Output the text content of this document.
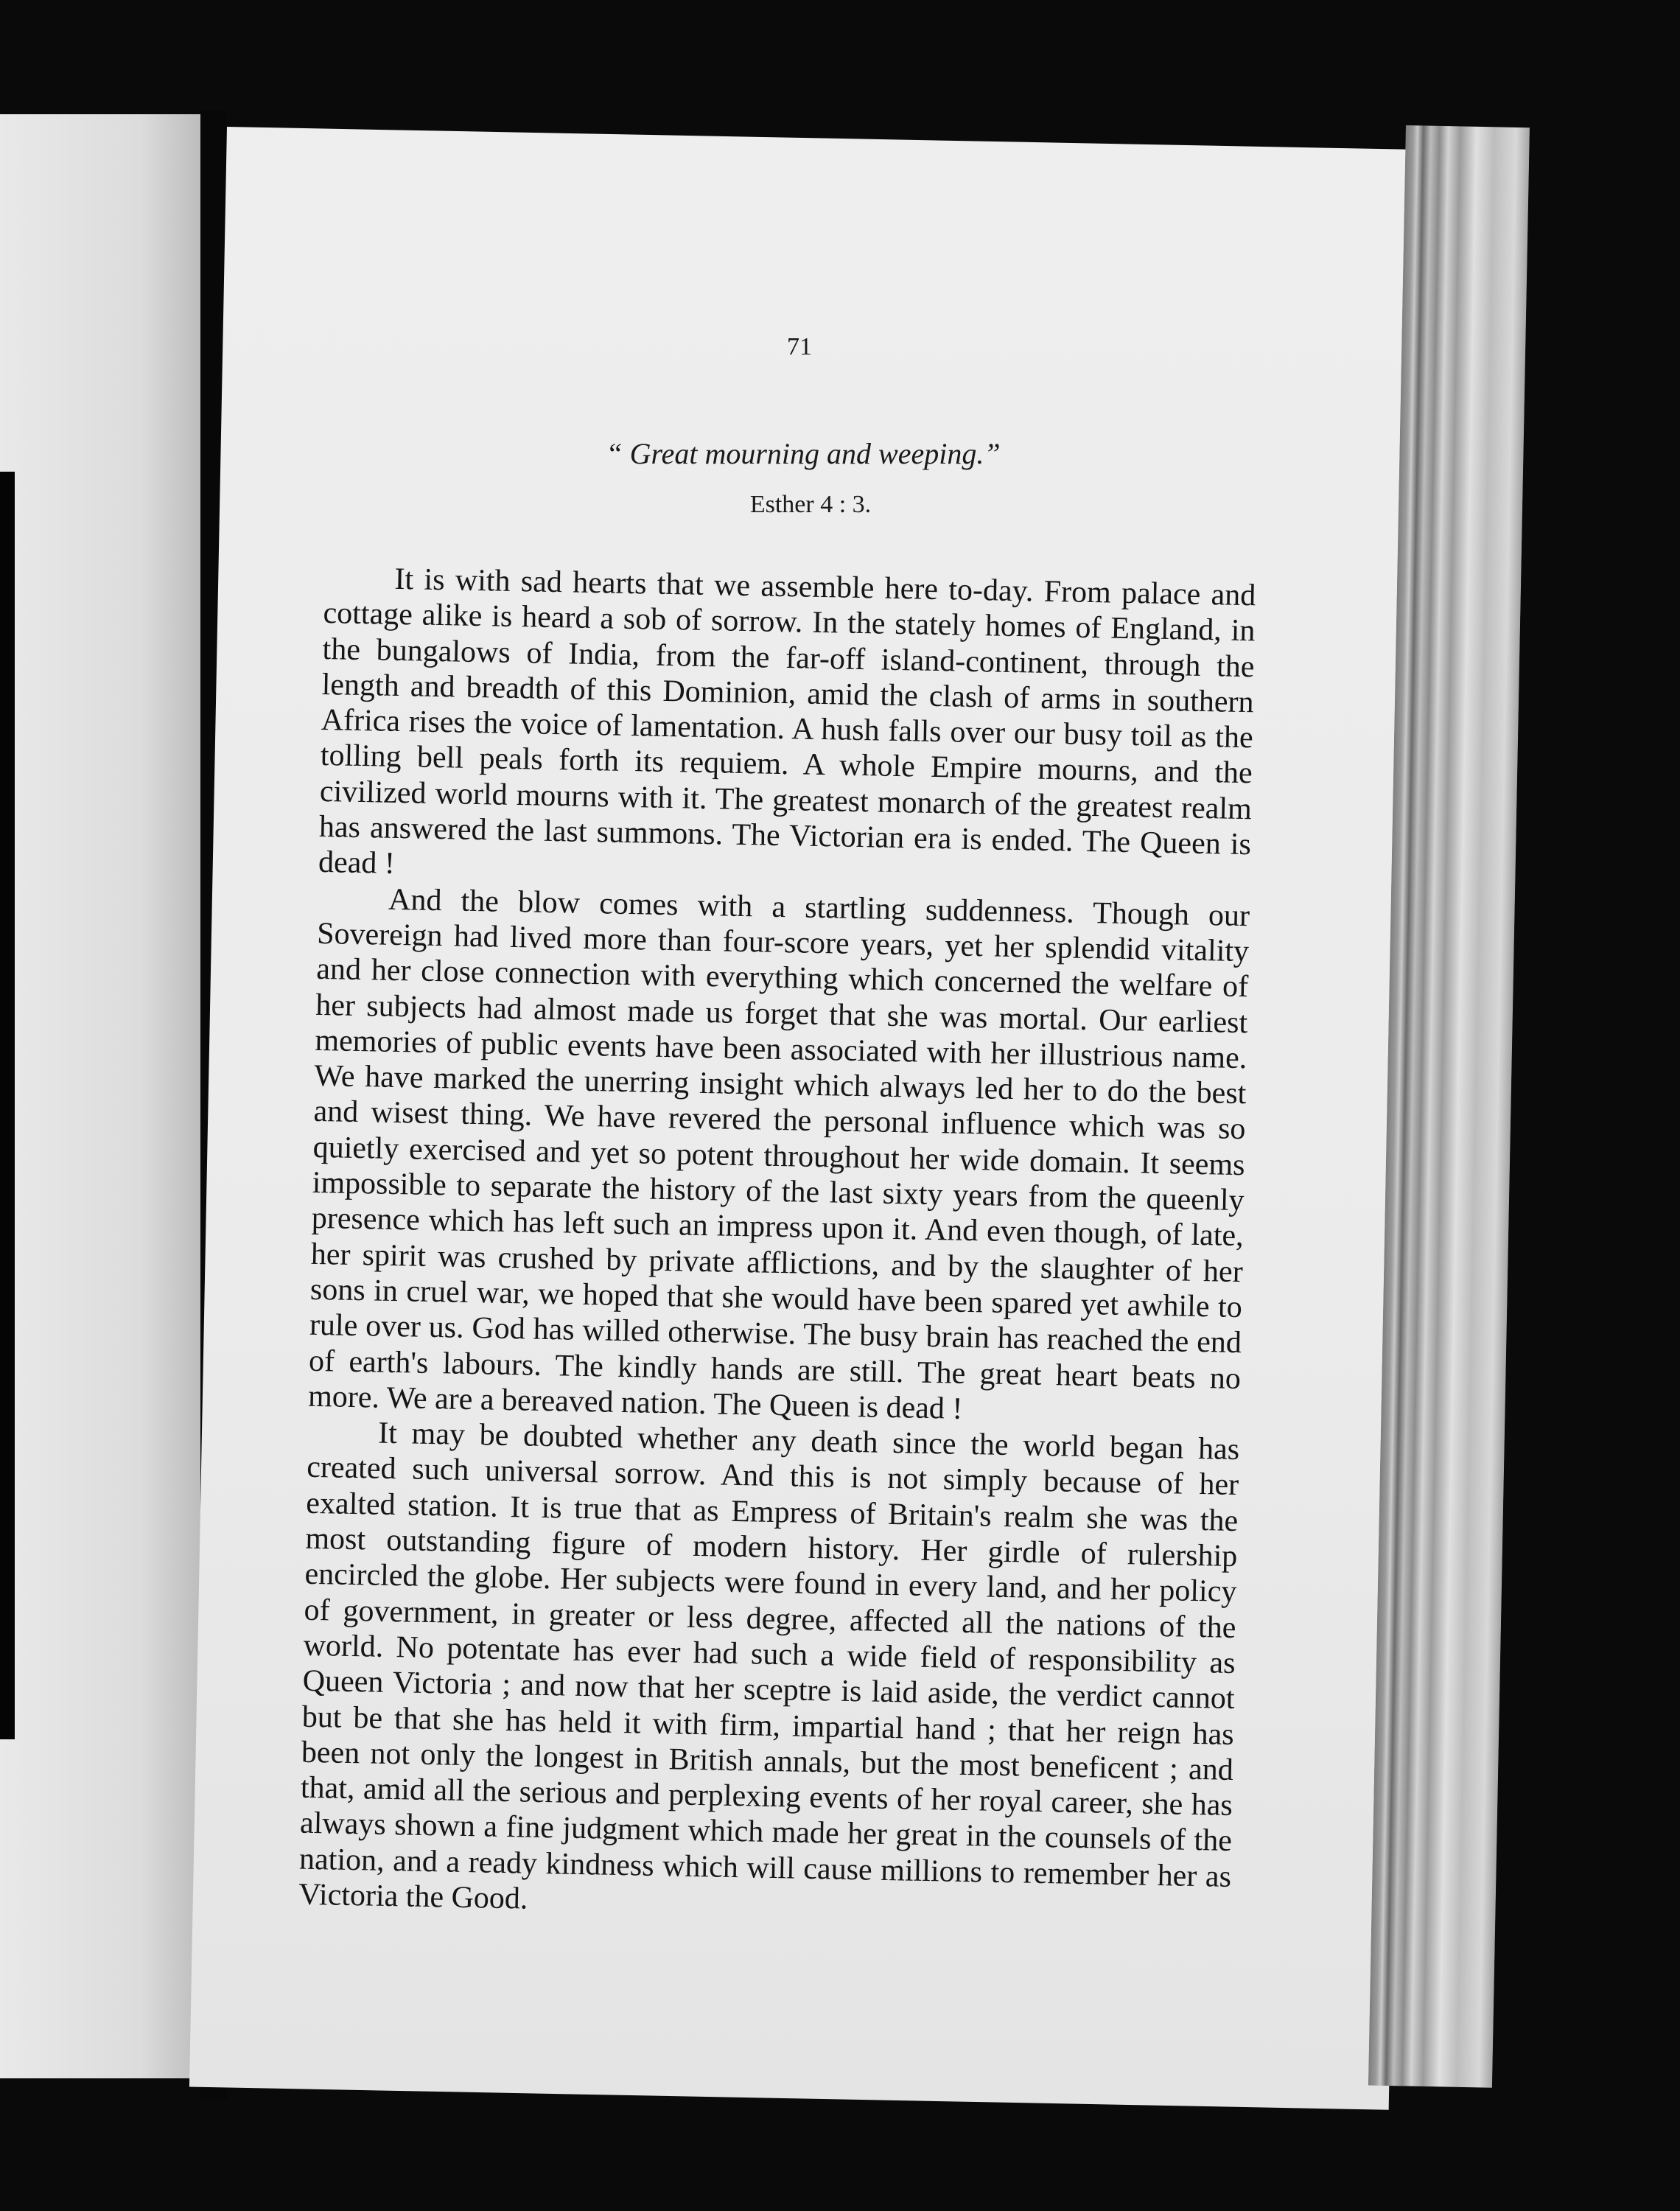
71
“ Great mourning and weeping.”
Esther 4 : 3.

It is with sad hearts that we assemble here to-day. From palace and cottage alike is heard a sob of sorrow. In the stately homes of England, in the bungalows of India, from the far-off island-continent, through the length and breadth of this Dominion, amid the clash of arms in southern Africa rises the voice of lamentation. A hush falls over our busy toil as the tolling bell peals forth its requiem. A whole Empire mourns, and the civilized world mourns with it. The greatest monarch of the greatest realm has answered the last summons. The Victorian era is ended. The Queen is dead !

And the blow comes with a startling suddenness. Though our Sovereign had lived more than four-score years, yet her splendid vitality and her close connection with everything which concerned the welfare of her subjects had almost made us forget that she was mortal. Our earliest memories of public events have been associated with her illustrious name. We have marked the unerring insight which always led her to do the best and wisest thing. We have revered the personal influence which was so quietly exercised and yet so potent throughout her wide domain. It seems impossible to separate the history of the last sixty years from the queenly presence which has left such an impress upon it. And even though, of late, her spirit was crushed by private afflictions, and by the slaughter of her sons in cruel war, we hoped that she would have been spared yet awhile to rule over us. God has willed otherwise. The busy brain has reached the end of earth's labours. The kindly hands are still. The great heart beats no more. We are a bereaved nation. The Queen is dead !

It may be doubted whether any death since the world began has created such universal sorrow. And this is not simply because of her exalted station. It is true that as Empress of Britain's realm she was the most outstanding figure of modern history. Her girdle of rulership encircled the globe. Her subjects were found in every land, and her policy of government, in greater or less degree, affected all the nations of the world. No potentate has ever had such a wide field of responsibility as Queen Victoria ; and now that her sceptre is laid aside, the verdict cannot but be that she has held it with firm, impartial hand ; that her reign has been not only the longest in British annals, but the most beneficent ; and that, amid all the serious and perplexing events of her royal career, she has always shown a fine judgment which made her great in the counsels of the nation, and a ready kindness which will cause millions to remember her as Victoria the Good.
